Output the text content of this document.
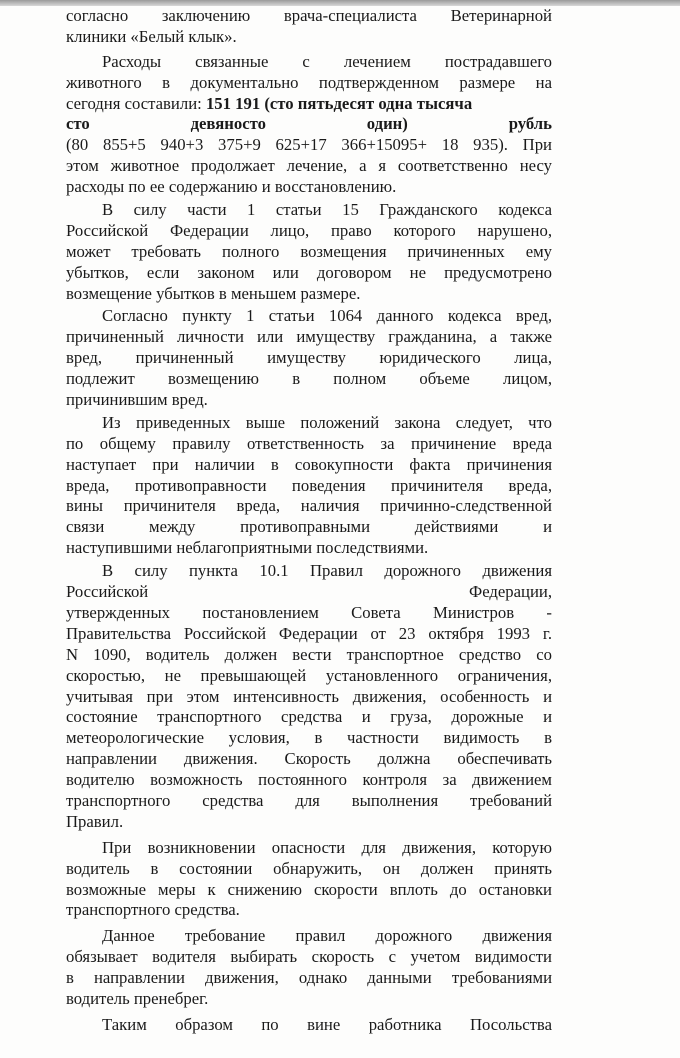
согласно заключению врача-специалиста Ветеринарной
клиники «Белый клык».
Расходы связанные с лечением пострадавшего
животного в документально подтвержденном размере на
сегодня составили: 151 191 (сто пятьдесят одна тысяча
сто девяносто один) рубль
(80 855+5 940+3 375+9 625+17 366+15095+ 18 935). При
этом животное продолжает лечение, а я соответственно несу
расходы по ее содержанию и восстановлению.
В силу части 1 статьи 15 Гражданского кодекса
Российской Федерации лицо, право которого нарушено,
может требовать полного возмещения причиненных ему
убытков, если законом или договором не предусмотрено
возмещение убытков в меньшем размере.
Согласно пункту 1 статьи 1064 данного кодекса вред,
причиненный личности или имуществу гражданина, а также
вред, причиненный имуществу юридического лица,
подлежит возмещению в полном объеме лицом,
причинившим вред.
Из приведенных выше положений закона следует, что
по общему правилу ответственность за причинение вреда
наступает при наличии в совокупности факта причинения
вреда, противоправности поведения причинителя вреда,
вины причинителя вреда, наличия причинно-следственной
связи между противоправными действиями и
наступившими неблагоприятными последствиями.
В силу пункта 10.1 Правил дорожного движения
Российской Федерации,
утвержденных постановлением Совета Министров -
Правительства Российской Федерации от 23 октября 1993 г.
N 1090, водитель должен вести транспортное средство со
скоростью, не превышающей установленного ограничения,
учитывая при этом интенсивность движения, особенность и
состояние транспортного средства и груза, дорожные и
метеорологические условия, в частности видимость в
направлении движения. Скорость должна обеспечивать
водителю возможность постоянного контроля за движением
транспортного средства для выполнения требований
Правил.
При возникновении опасности для движения, которую
водитель в состоянии обнаружить, он должен принять
возможные меры к снижению скорости вплоть до остановки
транспортного средства.
Данное требование правил дорожного движения
обязывает водителя выбирать скорость с учетом видимости
в направлении движения, однако данными требованиями
водитель пренебрег.
Таким образом по вине работника Посольства
